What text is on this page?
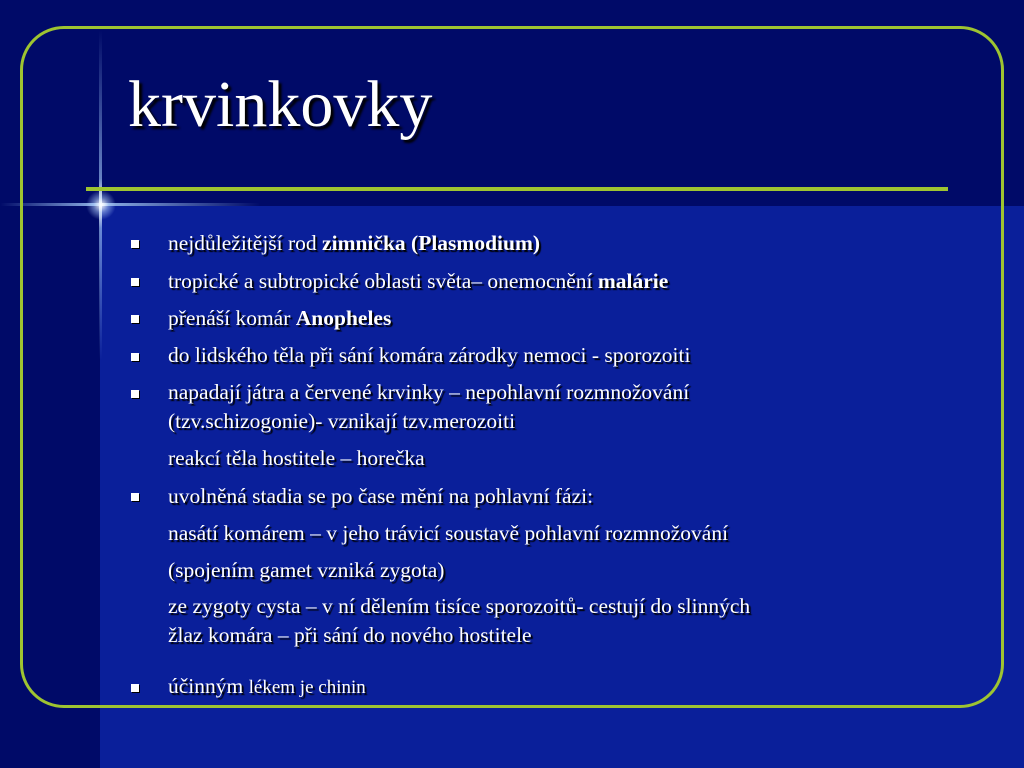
krvinkovky
nejdůležitější rod zimnička (Plasmodium)
tropické a subtropické oblasti světa– onemocnění malárie
přenáší komár Anopheles
do lidského těla při sání komára zárodky nemoci - sporozoiti
napadají játra a červené krvinky – nepohlavní rozmnožování
(tzv.schizogonie)- vznikají tzv.merozoiti
reakcí těla hostitele – horečka
uvolněná stadia se po čase mění na pohlavní fázi:
nasátí komárem – v jeho trávicí soustavě pohlavní rozmnožování
(spojením gamet vzniká zygota)
ze zygoty cysta – v ní dělením tisíce sporozoitů- cestují do slinných
žlaz komára – při sání do nového hostitele
účinným lékem je chinin
